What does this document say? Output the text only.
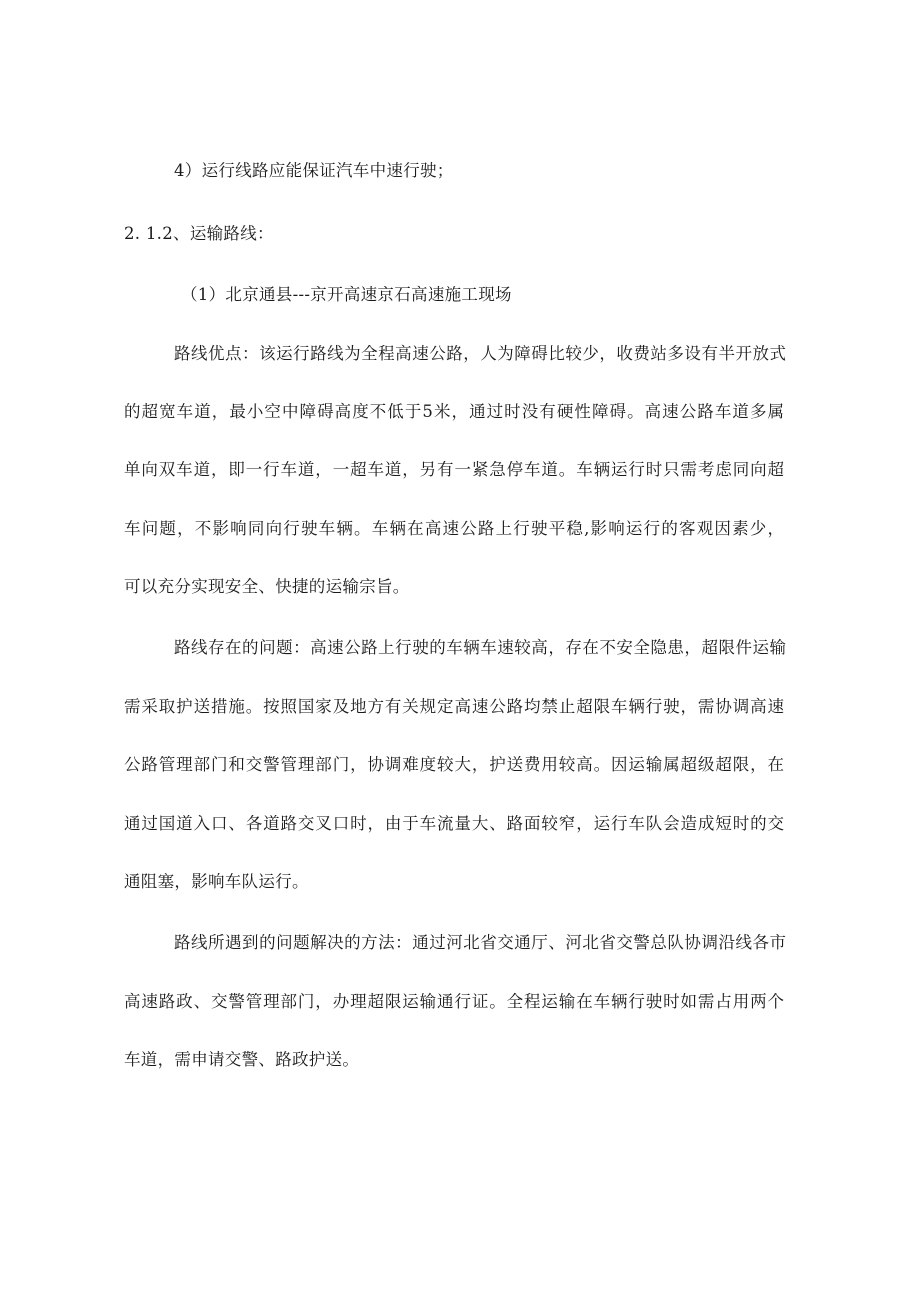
4）运行线路应能保证汽车中速行驶；
2. 1.2、运输路线：
（1）北京通县---京开高速京石高速施工现场
路线优点：该运行路线为全程高速公路，人为障碍比较少，收费站多设有半开放式
的超宽车道，最小空中障碍高度不低于5米，通过时没有硬性障碍。高速公路车道多属
单向双车道，即一行车道，一超车道，另有一紧急停车道。车辆运行时只需考虑同向超
车问题，不影响同向行驶车辆。车辆在高速公路上行驶平稳,影响运行的客观因素少，
可以充分实现安全、快捷的运输宗旨。
路线存在的问题：高速公路上行驶的车辆车速较高，存在不安全隐患，超限件运输
需采取护送措施。按照国家及地方有关规定高速公路均禁止超限车辆行驶，需协调高速
公路管理部门和交警管理部门，协调难度较大，护送费用较高。因运输属超级超限，在
通过国道入口、各道路交叉口时，由于车流量大、路面较窄，运行车队会造成短时的交
通阻塞，影响车队运行。
路线所遇到的问题解决的方法：通过河北省交通厅、河北省交警总队协调沿线各市
高速路政、交警管理部门，办理超限运输通行证。全程运输在车辆行驶时如需占用两个
车道，需申请交警、路政护送。
